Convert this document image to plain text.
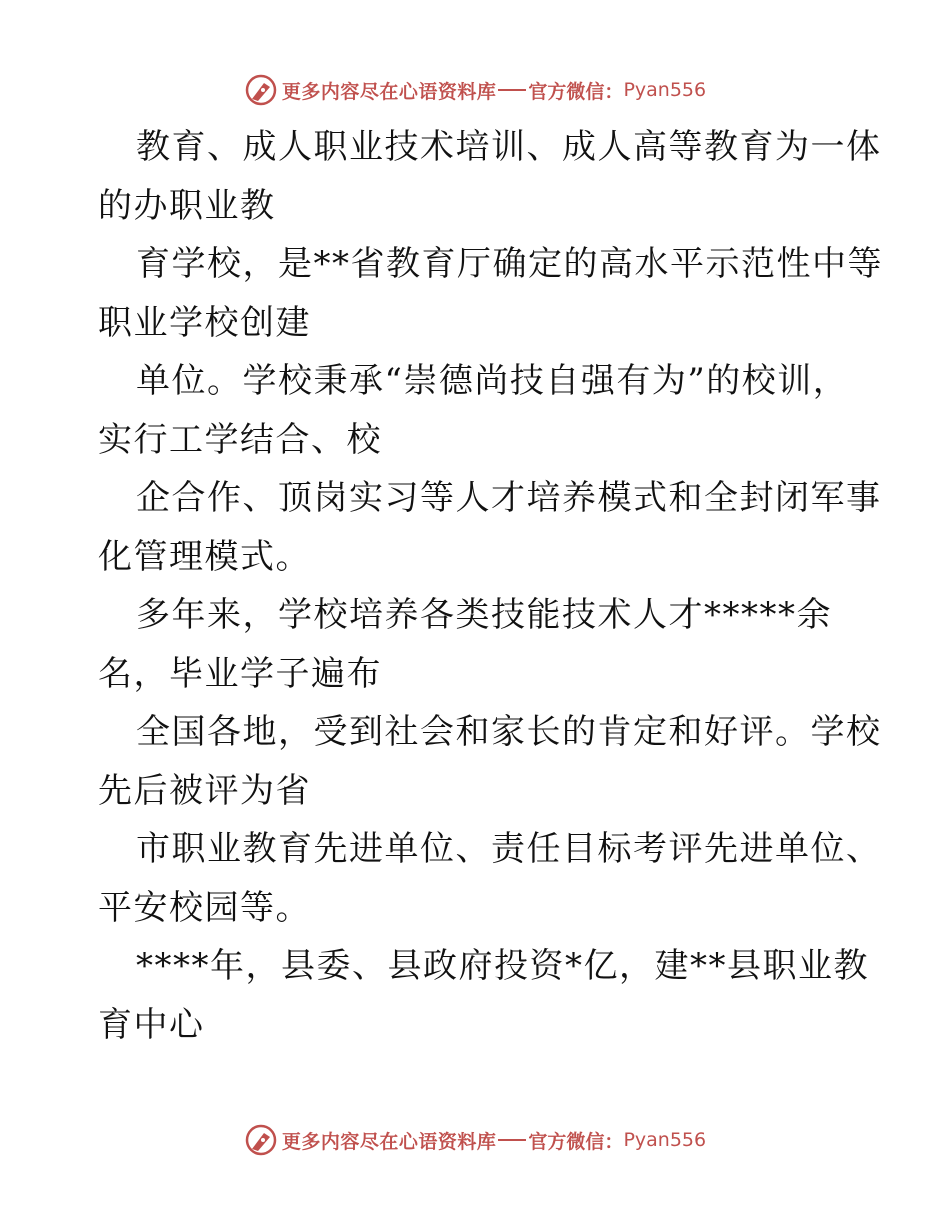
更多内容尽在心语资料库 官方微信： Pyan556
教育、成人职业技术培训、成人高等教育为一体
的办职业教
育学校，是**省教育厅确定的高水平示范性中等
职业学校创建
单位。学校秉承“崇德尚技自强有为”的校训，
实行工学结合、校
企合作、顶岗实习等人才培养模式和全封闭军事
化管理模式。
多年来，学校培养各类技能技术人才*****余
名，毕业学子遍布
全国各地，受到社会和家长的肯定和好评。学校
先后被评为省
市职业教育先进单位、责任目标考评先进单位、
平安校园等。
****年，县委、县政府投资*亿，建**县职业教
育中心
更多内容尽在心语资料库 官方微信： Pyan556
